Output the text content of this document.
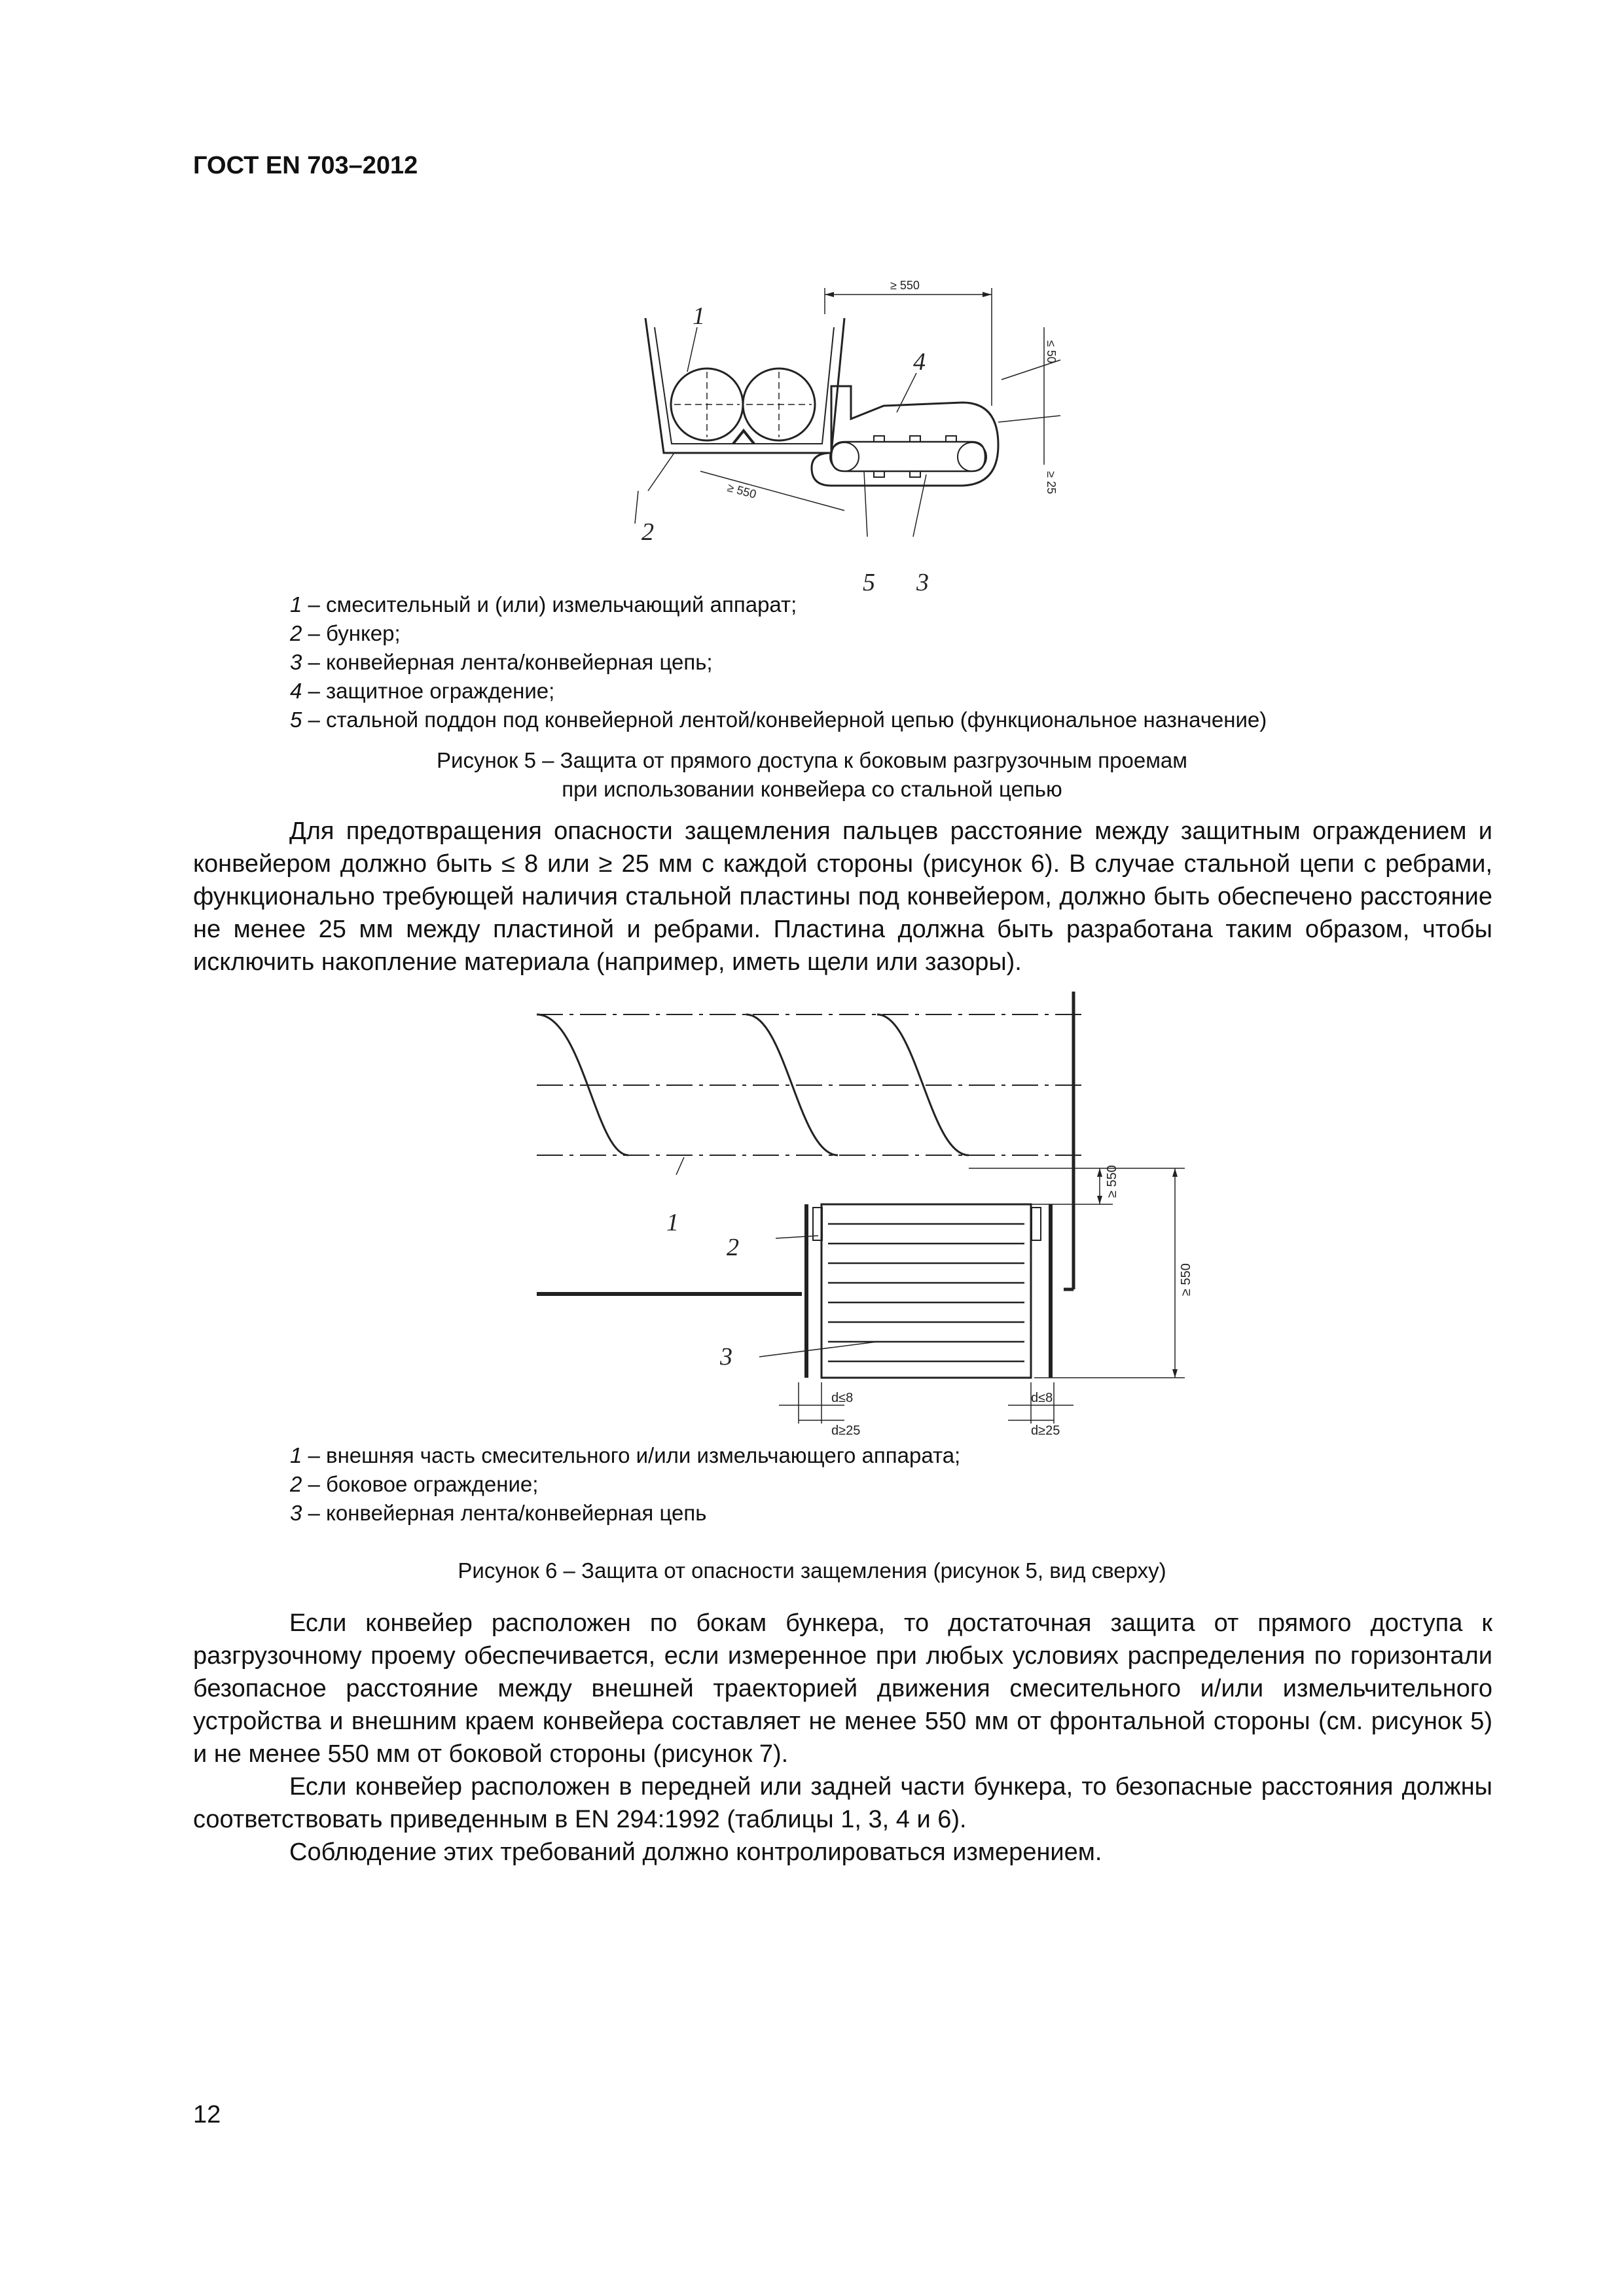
ГОСТ EN 703–2012
≥ 550
≥ 550
≤ 50
≥ 25
1
4
2
5 3
1 – смесительный и (или) измельчающий аппарат;
2 – бункер;
3 – конвейерная лента/конвейерная цепь;
4 – защитное ограждение;
5 – стальной поддон под конвейерной лентой/конвейерной цепью (функциональное назначение)
Рисунок 5 – Защита от прямого доступа к боковым разгрузочным проемам
при использовании конвейера со стальной цепью

Для предотвращения опасности защемления пальцев расстояние между защитным ограждением и конвейером должно быть ≤ 8 или ≥ 25 мм с каждой стороны (рисунок 6). В случае стальной цепи с ребрами, функционально требующей наличия стальной пластины под конвейером, должно быть обеспечено расстояние не менее 25 мм между пластиной и ребрами. Пластина должна быть разработана таким образом, чтобы исключить накопление материала (например, иметь щели или зазоры).

≥ 550
≥ 550
d≤8
d≥25
d≤8
d≥25
1
2
3
1 – внешняя часть смесительного и/или измельчающего аппарата;
2 – боковое ограждение;
3 – конвейерная лента/конвейерная цепь
Рисунок 6 – Защита от опасности защемления (рисунок 5, вид сверху)

Если конвейер расположен по бокам бункера, то достаточная защита от прямого доступа к разгрузочному проему обеспечивается, если измеренное при любых условиях распределения по горизонтали безопасное расстояние между внешней траекторией движения смесительного и/или измельчительного устройства и внешним краем конвейера составляет не менее 550 мм от фронтальной стороны (см. рисунок 5) и не менее 550 мм от боковой стороны (рисунок 7).

Если конвейер расположен в передней или задней части бункера, то безопасные расстояния должны соответствовать приведенным в EN 294:1992 (таблицы 1, 3, 4 и 6).

Соблюдение этих требований должно контролироваться измерением.

12
